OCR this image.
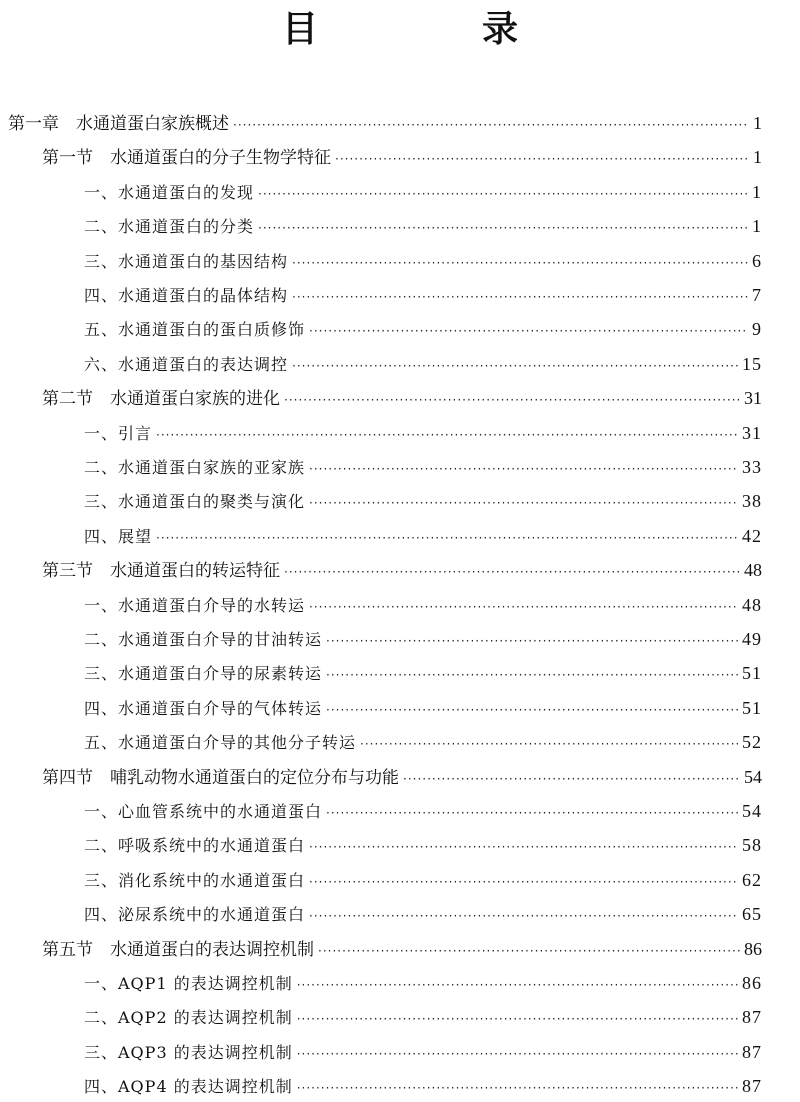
目　录
第一章　水通道蛋白家族概述 ·····	1
第一节　水通道蛋白的分子生物学特征 ·····	1
一、水通道蛋白的发现 ·····	1
二、水通道蛋白的分类 ·····	1
三、水通道蛋白的基因结构 ·····	6
四、水通道蛋白的晶体结构 ·····	7
五、水通道蛋白的蛋白质修饰 ·····	9
六、水通道蛋白的表达调控 ·····	15
第二节　水通道蛋白家族的进化 ·····	31
一、引言 ·····	31
二、水通道蛋白家族的亚家族 ·····	33
三、水通道蛋白的聚类与演化 ·····	38
四、展望 ·····	42
第三节　水通道蛋白的转运特征 ·····	48
一、水通道蛋白介导的水转运 ·····	48
二、水通道蛋白介导的甘油转运 ·····	49
三、水通道蛋白介导的尿素转运 ·····	51
四、水通道蛋白介导的气体转运 ·····	51
五、水通道蛋白介导的其他分子转运 ·····	52
第四节　哺乳动物水通道蛋白的定位分布与功能 ·····	54
一、心血管系统中的水通道蛋白 ·····	54
二、呼吸系统中的水通道蛋白 ·····	58
三、消化系统中的水通道蛋白 ·····	62
四、泌尿系统中的水通道蛋白 ·····	65
第五节　水通道蛋白的表达调控机制 ·····	86
一、AQP1 的表达调控机制 ·····	86
二、AQP2 的表达调控机制 ·····	87
三、AQP3 的表达调控机制 ·····	87
四、AQP4 的表达调控机制 ·····	87
